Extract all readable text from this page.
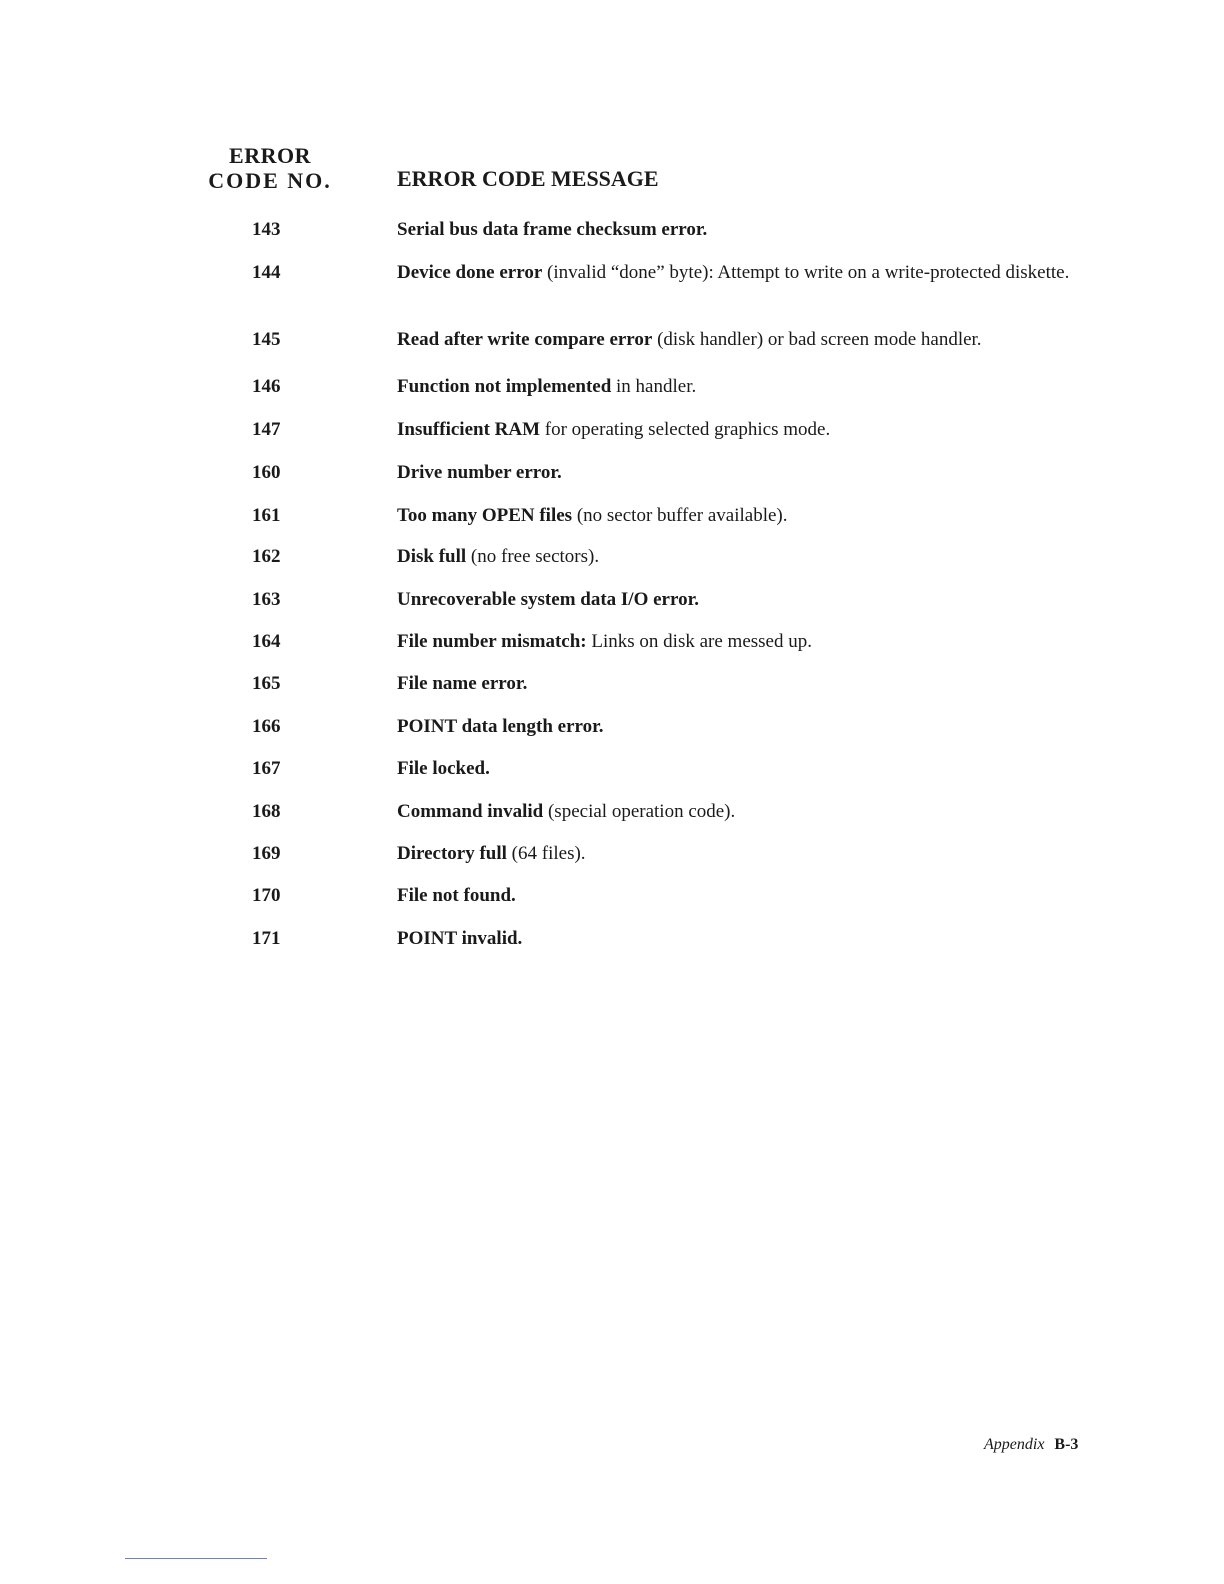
ERROR
CODE NO.	ERROR CODE MESSAGE
143	Serial bus data frame checksum error.
144	Device done error (invalid “done” byte): Attempt to write on a write-protected diskette.
145	Read after write compare error (disk handler) or bad screen mode handler.
146	Function not implemented in handler.
147	Insufficient RAM for operating selected graphics mode.
160	Drive number error.
161	Too many OPEN files (no sector buffer available).
162	Disk full (no free sectors).
163	Unrecoverable system data I/O error.
164	File number mismatch: Links on disk are messed up.
165	File name error.
166	POINT data length error.
167	File locked.
168	Command invalid (special operation code).
169	Directory full (64 files).
170	File not found.
171	POINT invalid.
Appendix B-3
